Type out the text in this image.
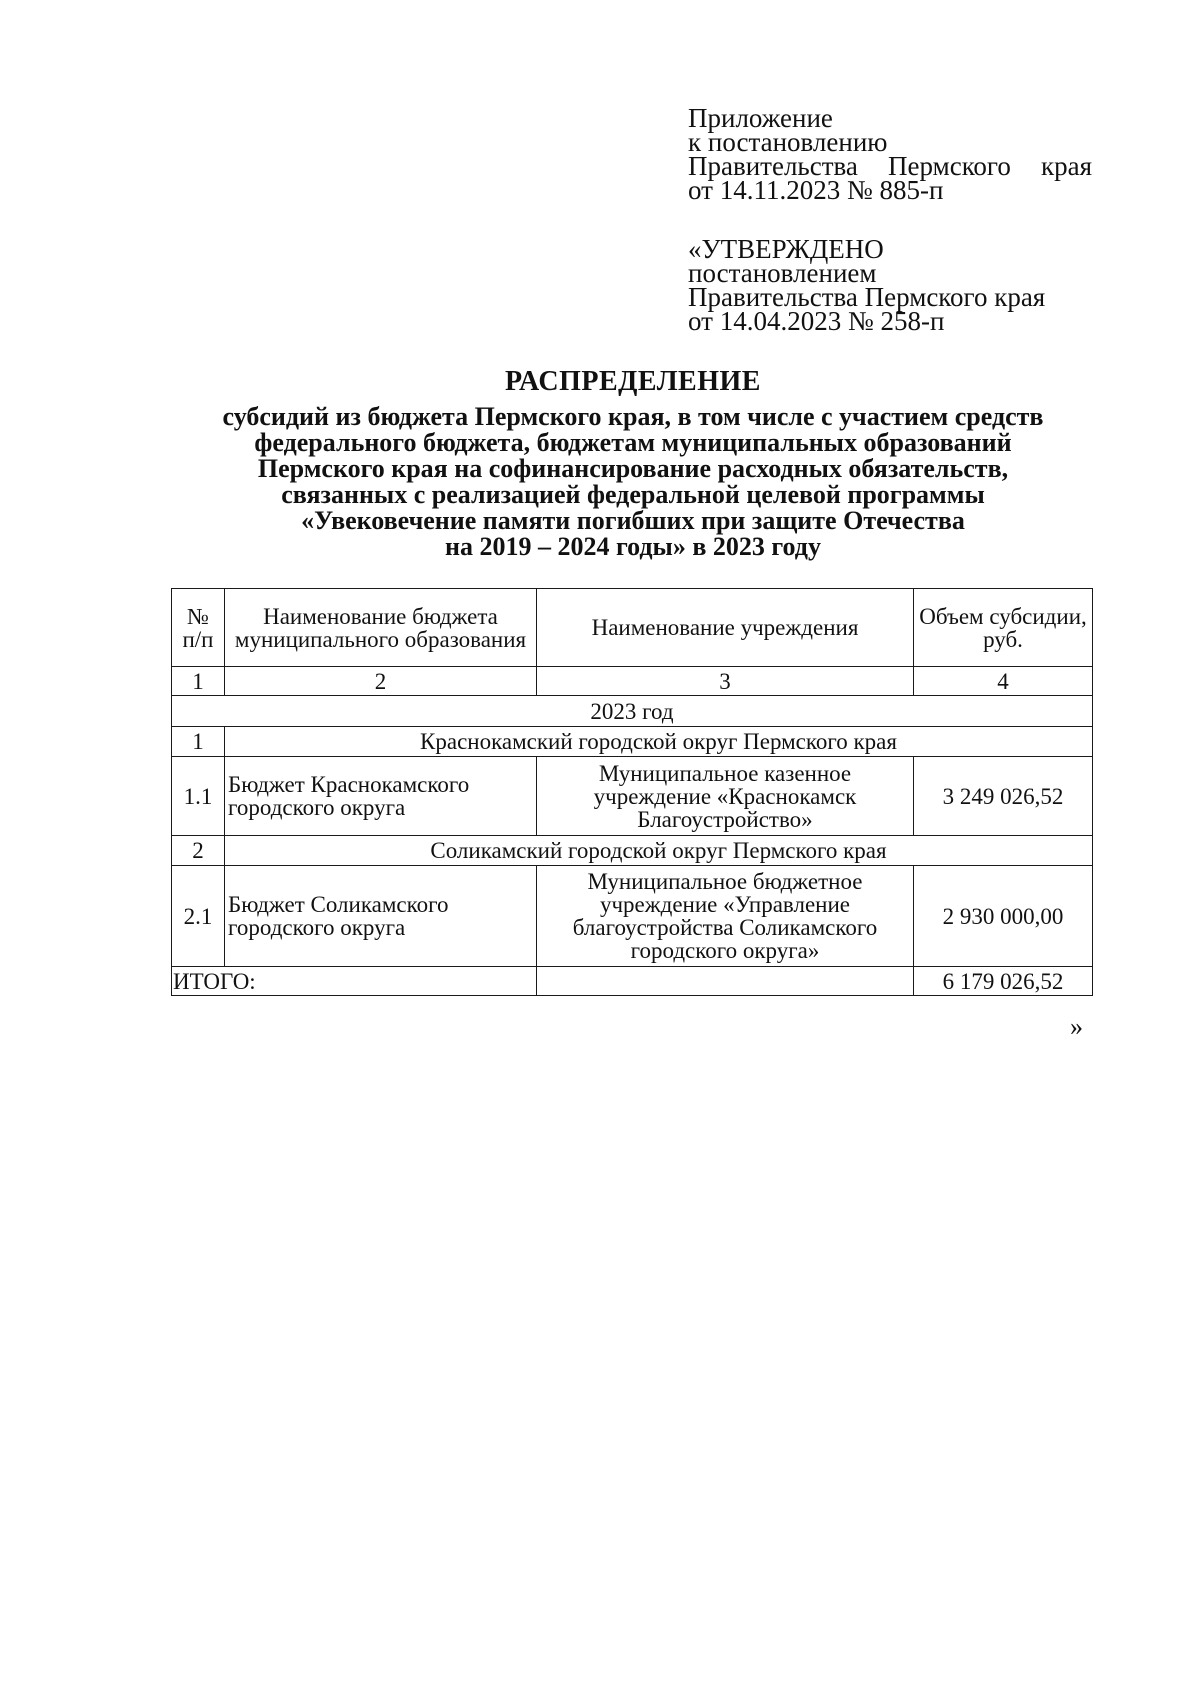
Приложение
к постановлению
Правительства Пермского края
от 14.11.2023 № 885-п
«УТВЕРЖДЕНО
постановлением
Правительства Пермского края
от 14.04.2023 № 258-п
РАСПРЕДЕЛЕНИЕ
субсидий из бюджета Пермского края, в том числе с участием средств
федерального бюджета, бюджетам муниципальных образований
Пермского края на софинансирование расходных обязательств,
связанных с реализацией федеральной целевой программы
«Увековечение памяти погибших при защите Отечества
на 2019 – 2024 годы» в 2023 году
№ п/п	Наименование бюджета муниципального образования	Наименование учреждения	Объем субсидии, руб.
1	2	3	4
2023 год			
1	Краснокамский городской округ Пермского края		
1.1	Бюджет Краснокамского городского округа	Муниципальное казенное учреждение «Краснокамск Благоустройство»	3 249 026,52
2	Соликамский городской округ Пермского края		
2.1	Бюджет Соликамского городского округа	Муниципальное бюджетное учреждение «Управление благоустройства Соликамского городского округа»	2 930 000,00
ИТОГО:			6 179 026,52
»
